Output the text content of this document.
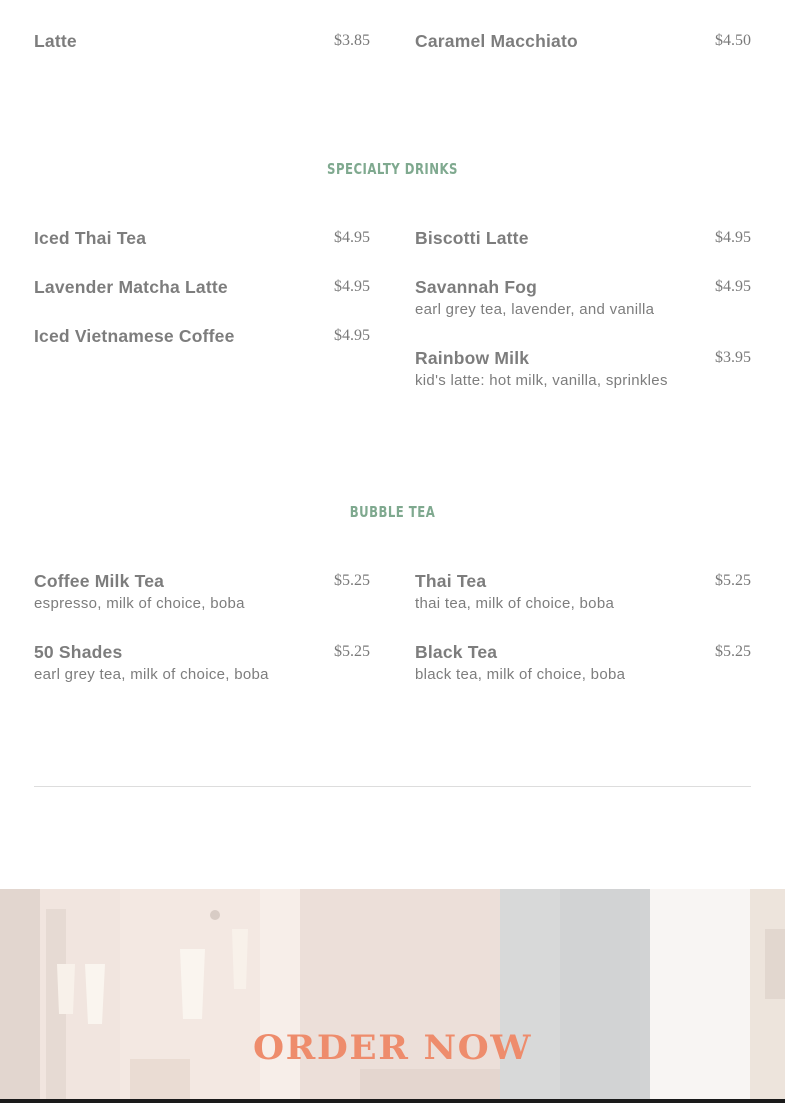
Latte	$3.85	Caramel Macchiato	$4.50
SPECIALTY DRINKS
Iced Thai Tea	$4.95
Lavender Matcha Latte	$4.95
Iced Vietnamese Coffee	$4.95
Biscotti Latte	$4.95
Savannah Fog	$4.95
earl grey tea, lavender, and vanilla
Rainbow Milk	$3.95
kid's latte: hot milk, vanilla, sprinkles
BUBBLE TEA
Coffee Milk Tea	$5.25
espresso, milk of choice, boba
50 Shades	$5.25
earl grey tea, milk of choice, boba
Thai Tea	$5.25
thai tea, milk of choice, boba
Black Tea	$5.25
black tea, milk of choice, boba
ORDER NOW
